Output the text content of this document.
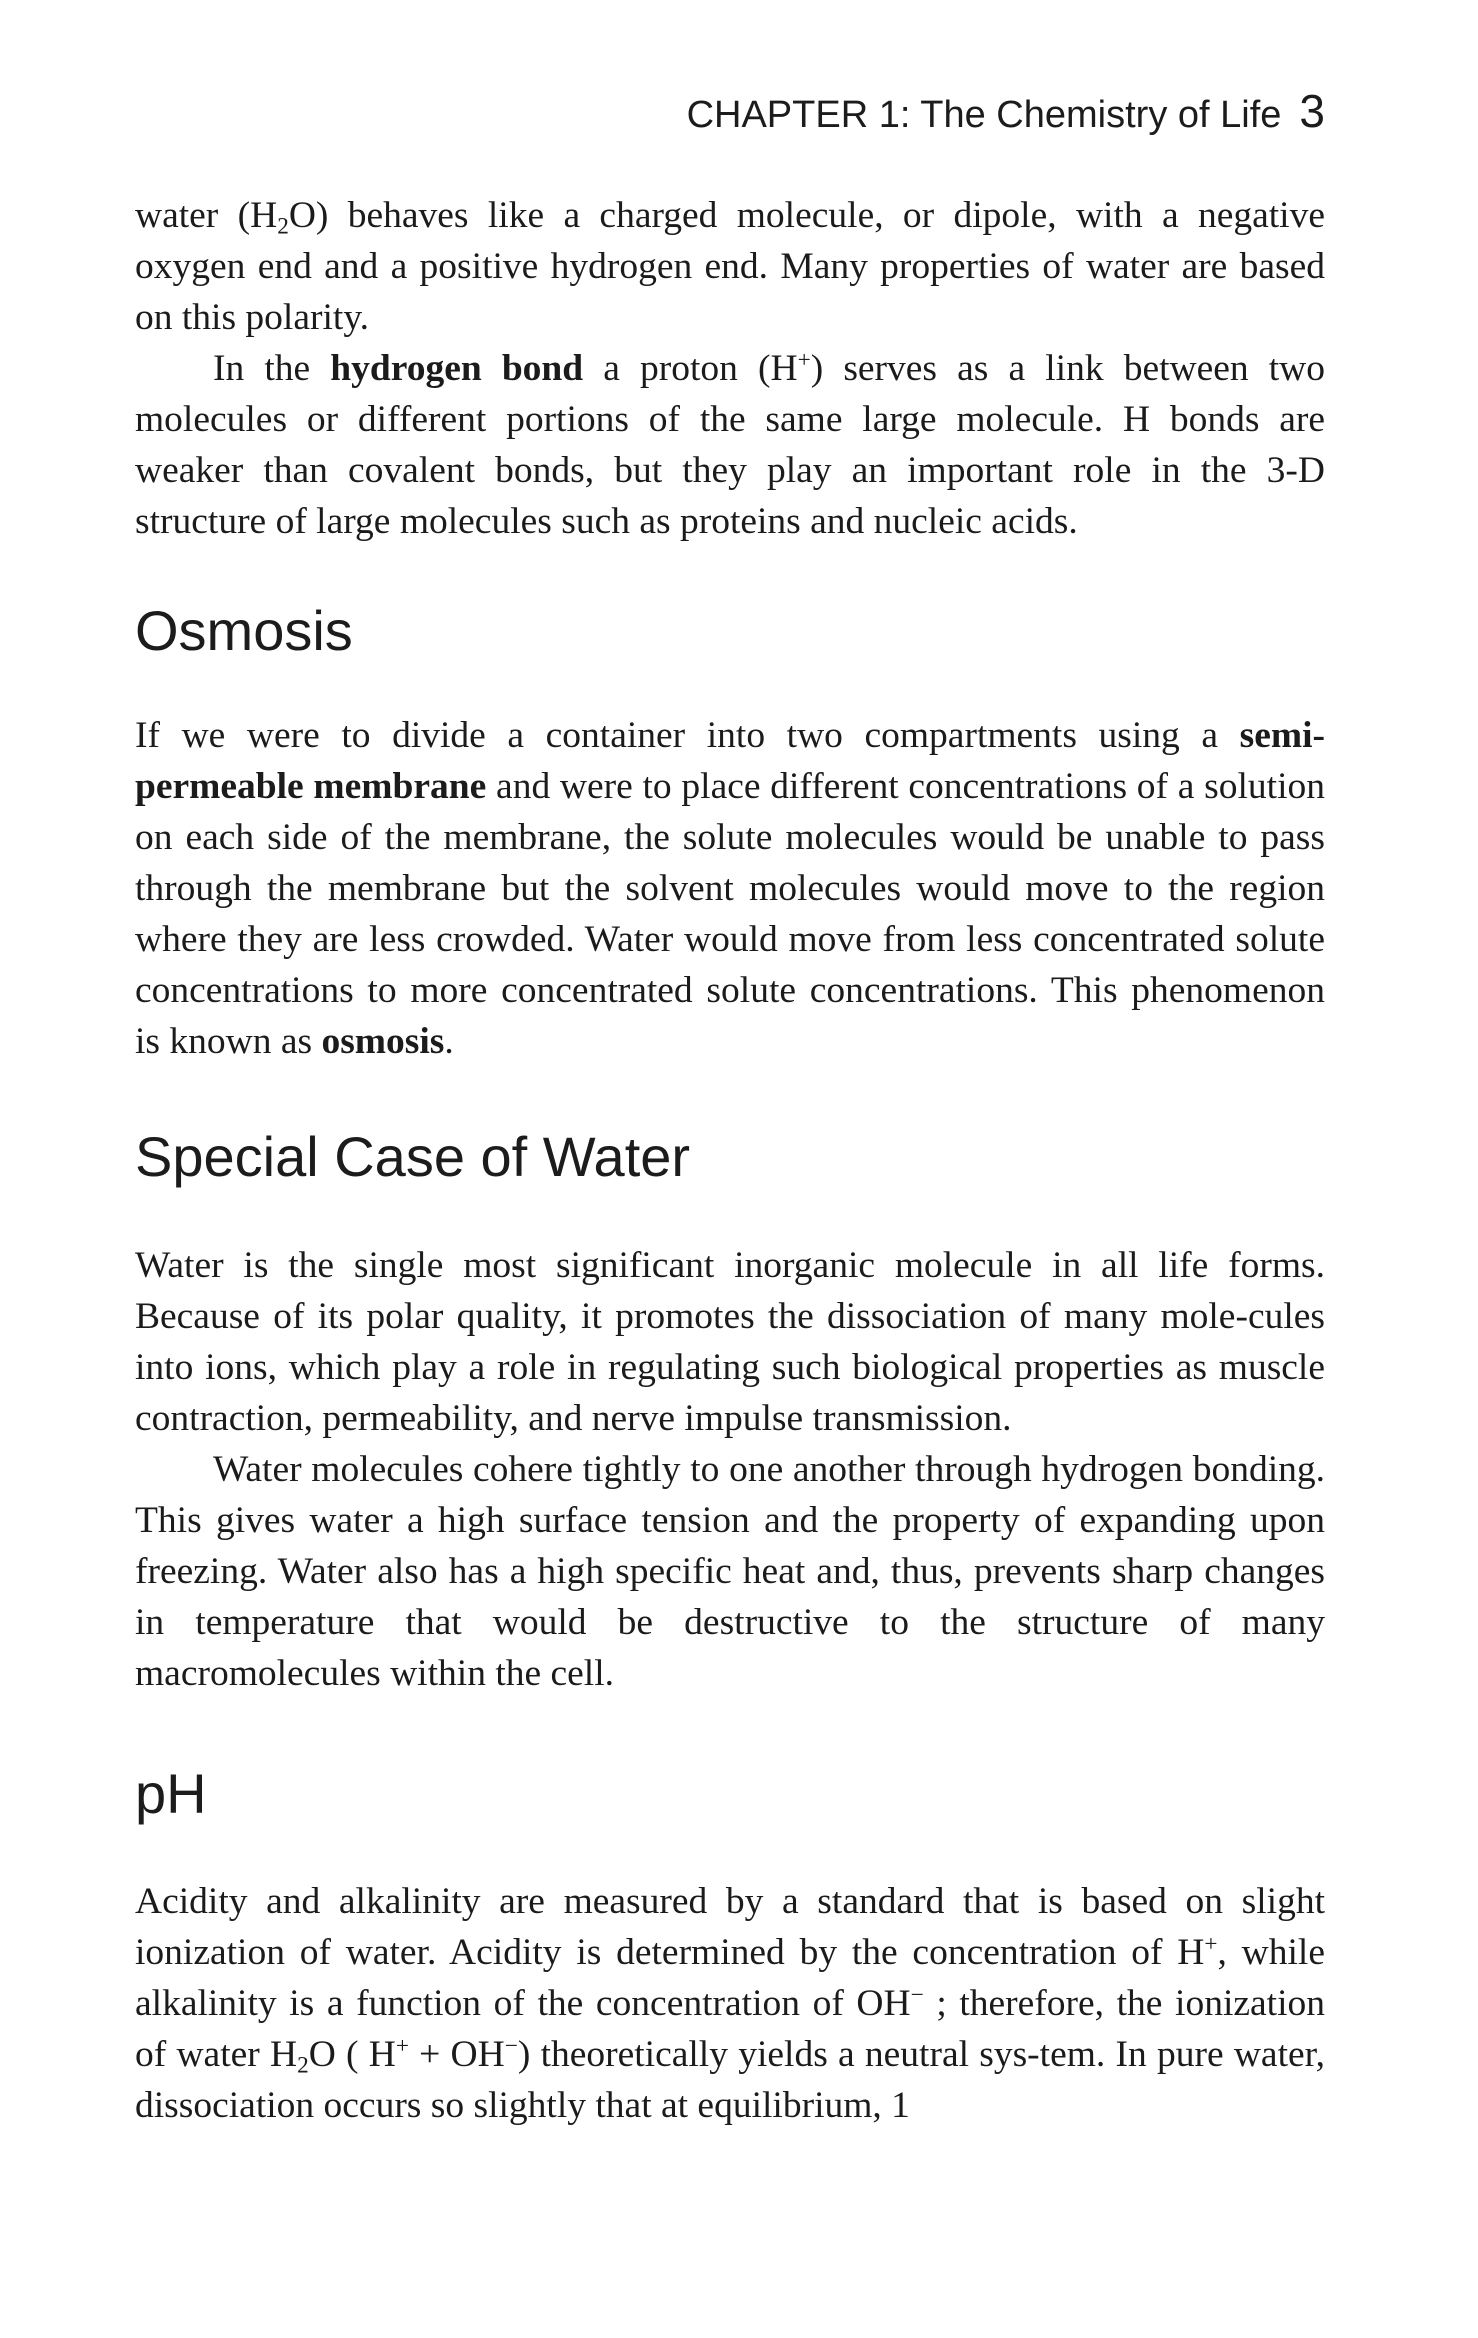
CHAPTER 1: The Chemistry of Life 3

water $(H_2O)$ behaves like a charged molecule, or dipole, with a negative oxygen end and a positive hydrogen end. Many properties of water are based on this polarity.

In the hydrogen bond a proton (H+) serves as a link between two molecules or different portions of the same large molecule. H bonds are weaker than covalent bonds, but they play an important role in the 3-D structure of large molecules such as proteins and nucleic acids.

Osmosis

If we were to divide a container into two compartments using a semi-permeable membrane and were to place different concentrations of a solution on each side of the membrane, the solute molecules would be unable to pass through the membrane but the solvent molecules would move to the region where they are less crowded. Water would move from less concentrated solute concentrations to more concentrated solute concentrations. This phenomenon is known as osmosis.

Special Case of Water

Water is the single most significant inorganic molecule in all life forms. Because of its polar quality, it promotes the dissociation of many mole-cules into ions, which play a role in regulating such biological properties as muscle contraction, permeability, and nerve impulse transmission.

Water molecules cohere tightly to one another through hydrogen bonding. This gives water a high surface tension and the property of expanding upon freezing. Water also has a high specific heat and, thus, prevents sharp changes in temperature that would be destructive to the structure of many macromolecules within the cell.

pH

Acidity and alkalinity are measured by a standard that is based on slight ionization of water. Acidity is determined by the concentration of H+, while alkalinity is a function of the concentration of OH− ; therefore, the ionization of water $H_2O$ ( H+ + OH−) theoretically yields a neutral sys-tem. In pure water, dissociation occurs so slightly that at equilibrium, 1
